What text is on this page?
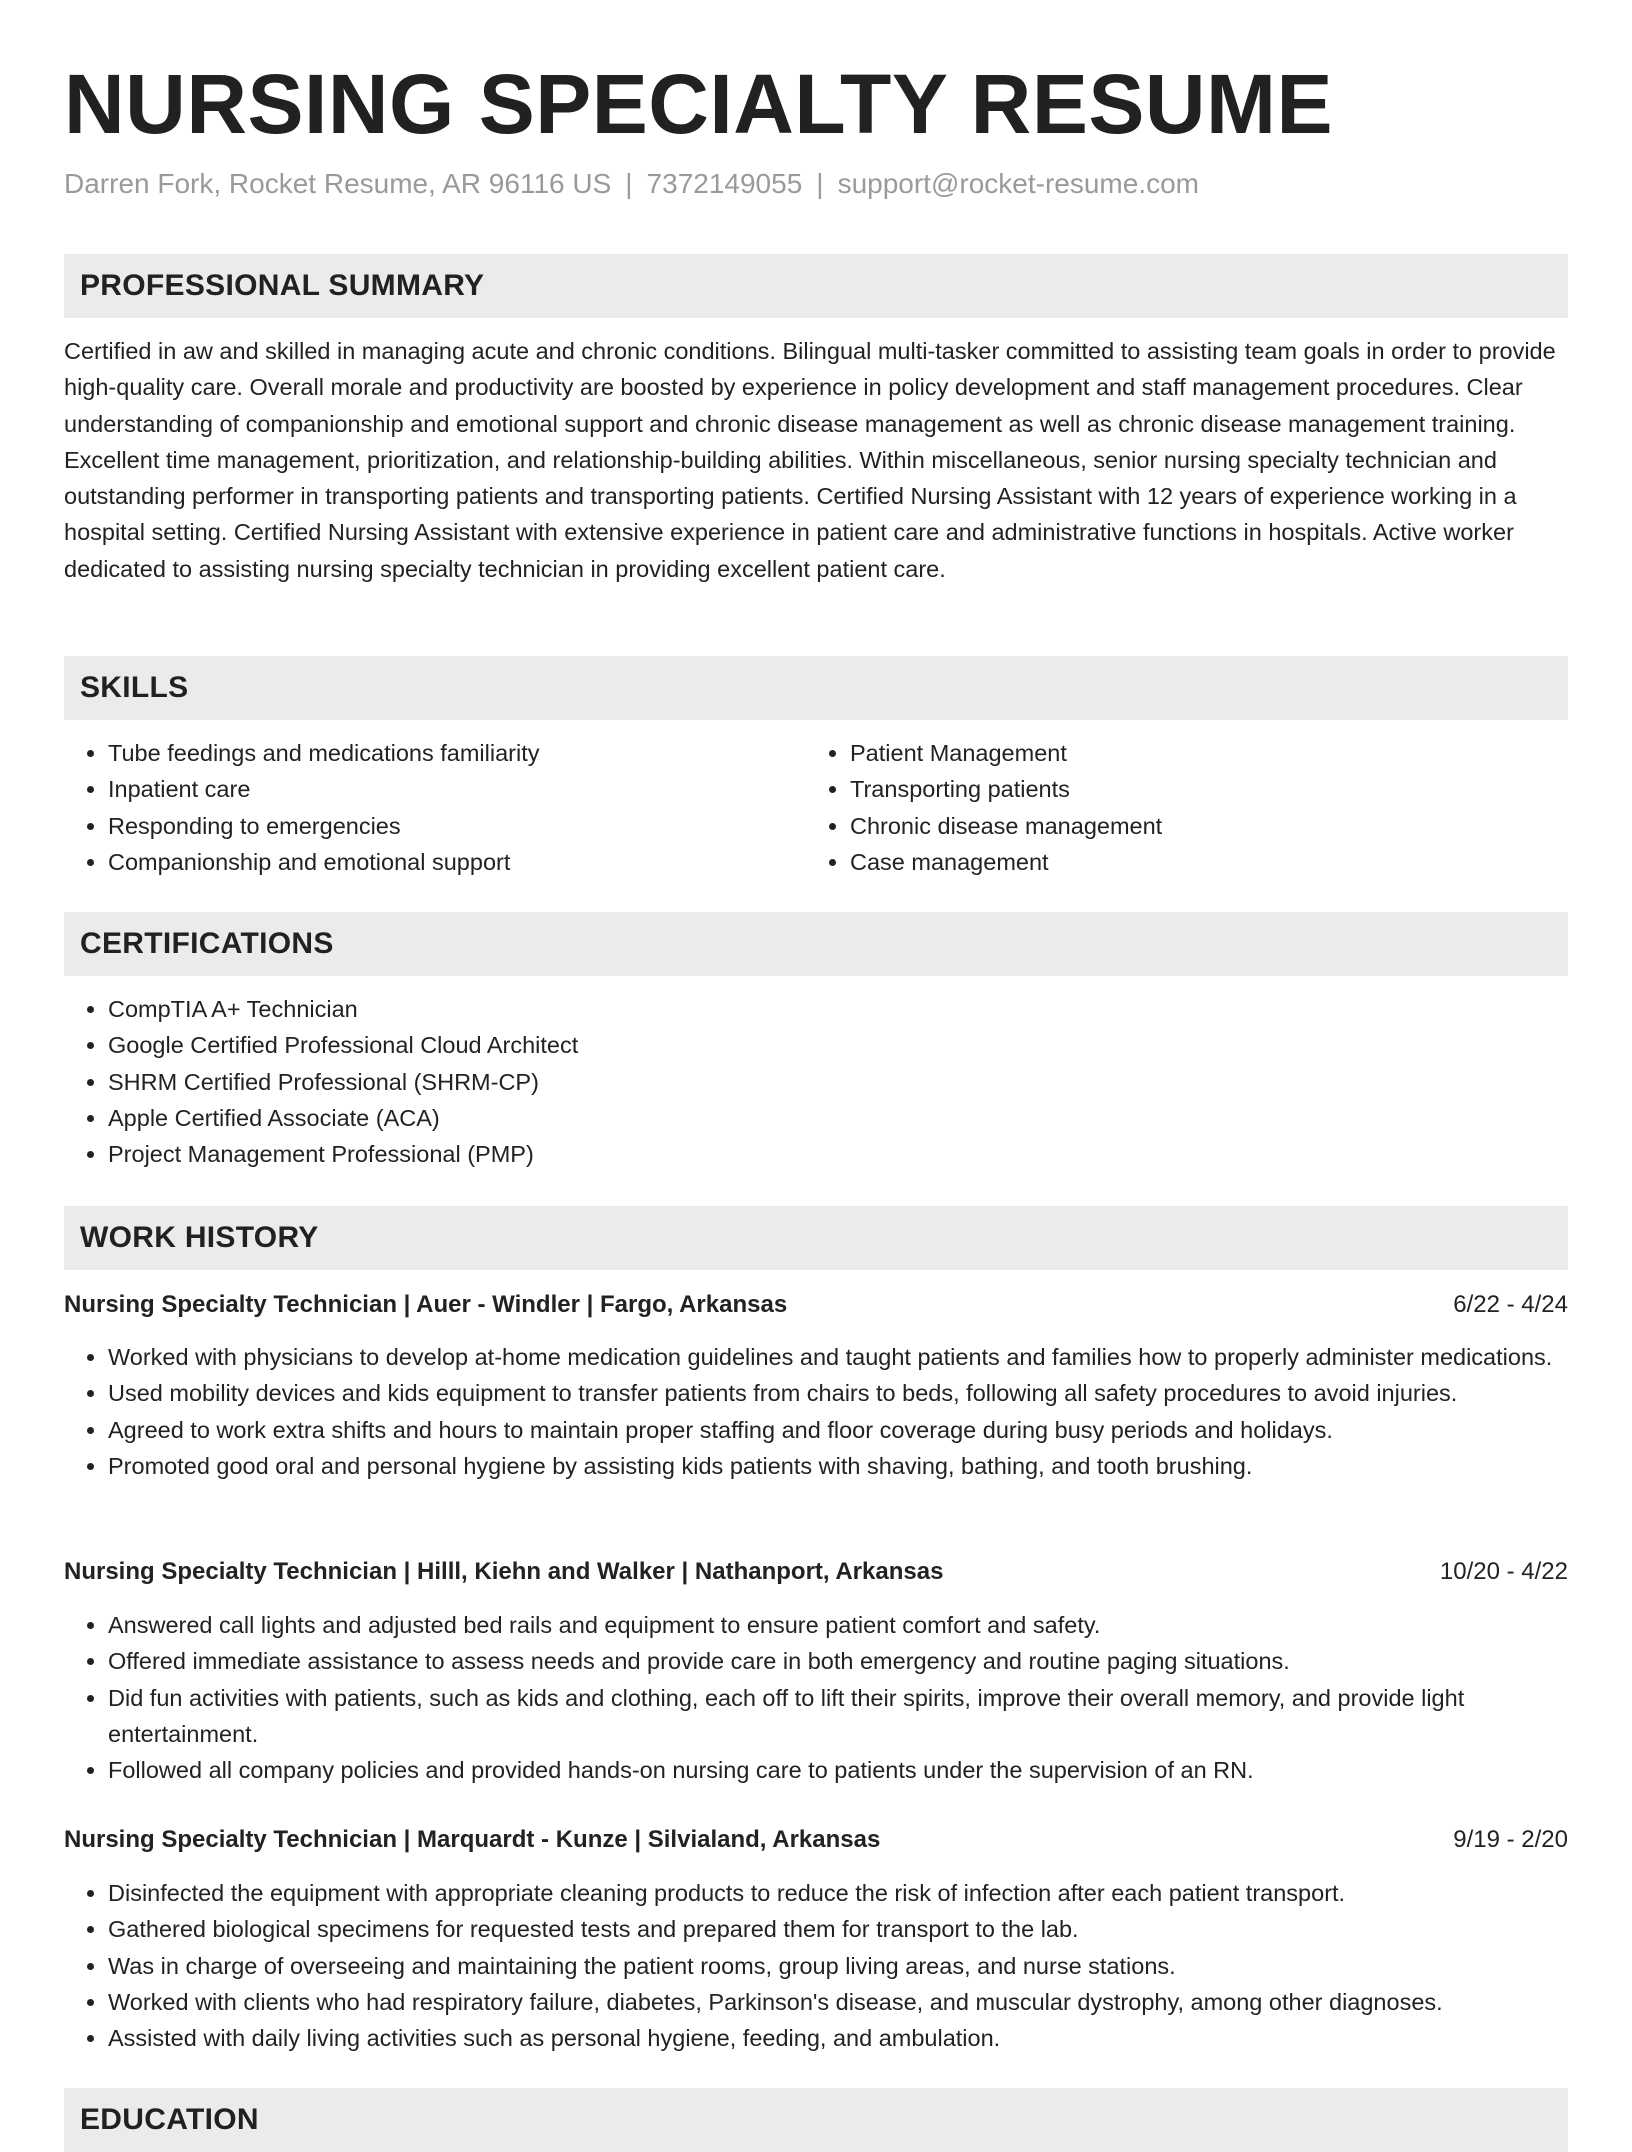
NURSING SPECIALTY RESUME
Darren Fork, Rocket Resume, AR 96116 US | 7372149055 | support@rocket-resume.com
PROFESSIONAL SUMMARY

Certified in aw and skilled in managing acute and chronic conditions. Bilingual multi-tasker committed to assisting team goals in order to provide high-quality care. Overall morale and productivity are boosted by experience in policy development and staff management procedures. Clear understanding of companionship and emotional support and chronic disease management as well as chronic disease management training. Excellent time management, prioritization, and relationship-building abilities. Within miscellaneous, senior nursing specialty technician and outstanding performer in transporting patients and transporting patients. Certified Nursing Assistant with 12 years of experience working in a hospital setting. Certified Nursing Assistant with extensive experience in patient care and administrative functions in hospitals. Active worker dedicated to assisting nursing specialty technician in providing excellent patient care.

SKILLS
• Tube feedings and medications familiarity
• Inpatient care
• Responding to emergencies
• Companionship and emotional support
• Patient Management
• Transporting patients
• Chronic disease management
• Case management
CERTIFICATIONS
• CompTIA A+ Technician
• Google Certified Professional Cloud Architect
• SHRM Certified Professional (SHRM-CP)
• Apple Certified Associate (ACA)
• Project Management Professional (PMP)
WORK HISTORY
Nursing Specialty Technician | Auer - Windler | Fargo, Arkansas	6/22 - 4/24
• Worked with physicians to develop at-home medication guidelines and taught patients and families how to properly administer medications.
• Used mobility devices and kids equipment to transfer patients from chairs to beds, following all safety procedures to avoid injuries.
• Agreed to work extra shifts and hours to maintain proper staffing and floor coverage during busy periods and holidays.
• Promoted good oral and personal hygiene by assisting kids patients with shaving, bathing, and tooth brushing.
Nursing Specialty Technician | Hilll, Kiehn and Walker | Nathanport, Arkansas	10/20 - 4/22
• Answered call lights and adjusted bed rails and equipment to ensure patient comfort and safety.
• Offered immediate assistance to assess needs and provide care in both emergency and routine paging situations.
• Did fun activities with patients, such as kids and clothing, each off to lift their spirits, improve their overall memory, and provide light entertainment.
• Followed all company policies and provided hands-on nursing care to patients under the supervision of an RN.
Nursing Specialty Technician | Marquardt - Kunze | Silvialand, Arkansas	9/19 - 2/20
• Disinfected the equipment with appropriate cleaning products to reduce the risk of infection after each patient transport.
• Gathered biological specimens for requested tests and prepared them for transport to the lab.
• Was in charge of overseeing and maintaining the patient rooms, group living areas, and nurse stations.
• Worked with clients who had respiratory failure, diabetes, Parkinson's disease, and muscular dystrophy, among other diagnoses.
• Assisted with daily living activities such as personal hygiene, feeding, and ambulation.
EDUCATION
